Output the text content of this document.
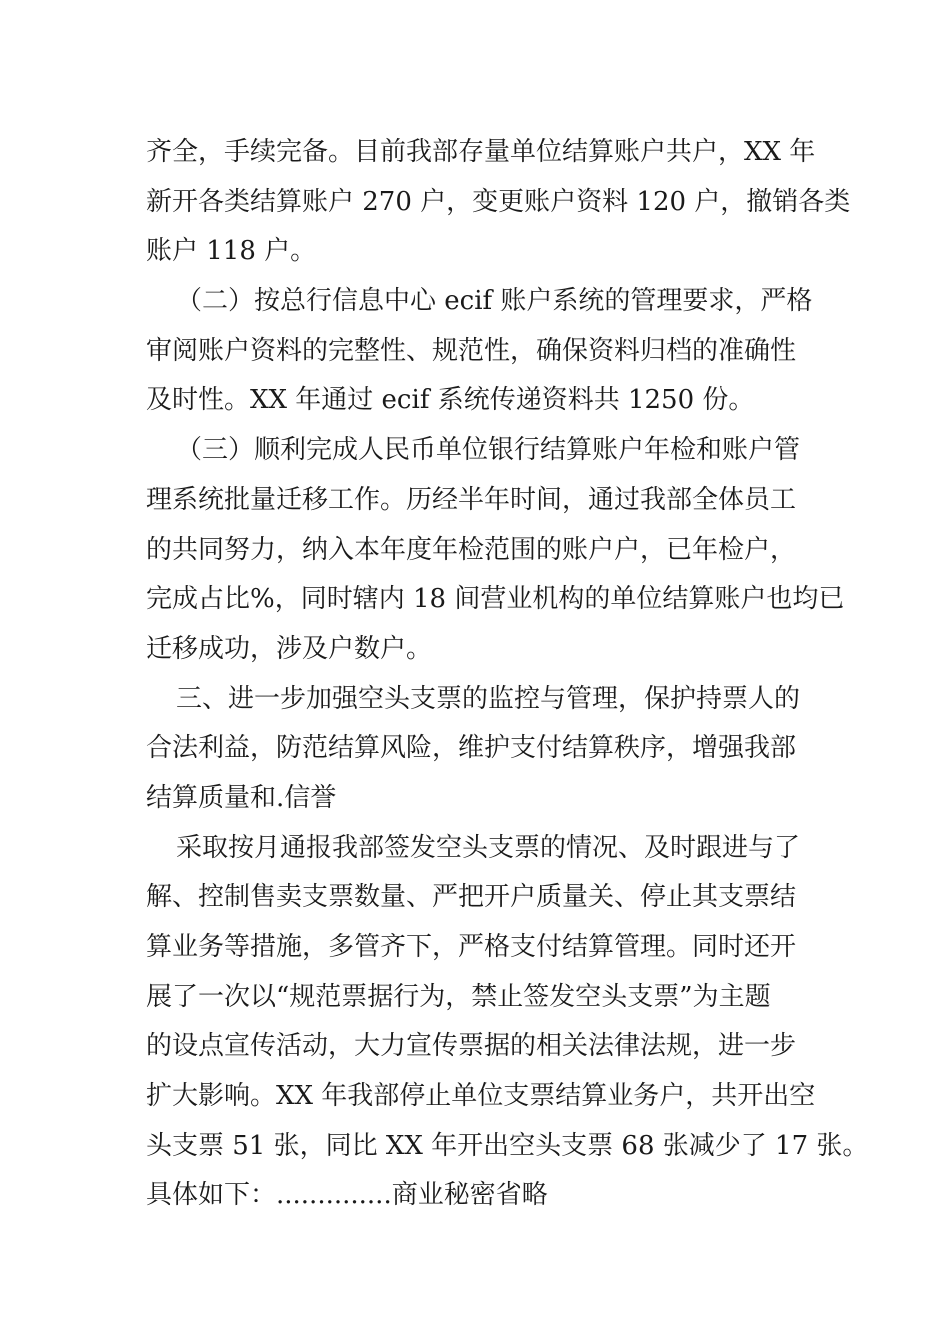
齐全，手续完备。目前我部存量单位结算账户共户，XX 年
新开各类结算账户 270 户，变更账户资料 120 户，撤销各类
账户 118 户。
（二）按总行信息中心 ecif 账户系统的管理要求，严格
审阅账户资料的完整性、规范性，确保资料归档的准确性
及时性。XX 年通过 ecif 系统传递资料共 1250 份。
（三）顺利完成人民币单位银行结算账户年检和账户管
理系统批量迁移工作。历经半年时间，通过我部全体员工
的共同努力，纳入本年度年检范围的账户户，已年检户，
完成占比%，同时辖内 18 间营业机构的单位结算账户也均已
迁移成功，涉及户数户。
三、进一步加强空头支票的监控与管理，保护持票人的
合法利益，防范结算风险，维护支付结算秩序，增强我部
结算质量和.信誉
采取按月通报我部签发空头支票的情况、及时跟进与了
解、控制售卖支票数量、严把开户质量关、停止其支票结
算业务等措施，多管齐下，严格支付结算管理。同时还开
展了一次以“规范票据行为，禁止签发空头支票”为主题
的设点宣传活动，大力宣传票据的相关法律法规，进一步
扩大影响。XX 年我部停止单位支票结算业务户，共开出空
头支票 51 张，同比 XX 年开出空头支票 68 张减少了 17 张。
具体如下：..............商业秘密省略
